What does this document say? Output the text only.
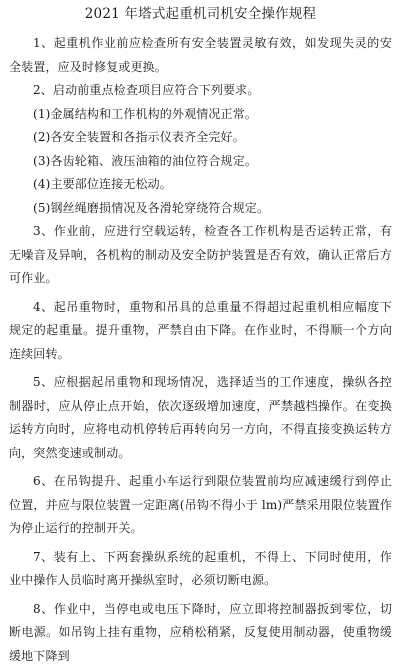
2021 年塔式起重机司机安全操作规程

1、起重机作业前应检查所有安全装置灵敏有效，如发现失灵的安全装置，应及时修复或更换。

2、启动前重点检查项目应符合下列要求。

(1)金属结构和工作机构的外观情况正常。

(2)各安全装置和各指示仪表齐全完好。

(3)各齿轮箱、液压油箱的油位符合规定。

(4)主要部位连接无松动。

(5)钢丝绳磨损情况及各滑轮穿绕符合规定。

3、作业前，应进行空载运转，检查各工作机构是否运转正常，有无噪音及异响，各机构的制动及安全防护装置是否有效，确认正常后方可作业。

4、起吊重物时，重物和吊具的总重量不得超过起重机相应幅度下规定的起重量。提升重物，严禁自由下降。在作业时，不得顺一个方向连续回转。

5、应根据起吊重物和现场情况，选择适当的工作速度，操纵各控制器时，应从停止点开始，依次逐级增加速度，严禁越档操作。在变换运转方向时，应将电动机停转后再转向另一方向，不得直接变换运转方向，突然变速或制动。

6、在吊钩提升、起重小车运行到限位装置前均应减速缓行到停止位置，并应与限位装置一定距离(吊钩不得小于 lm)严禁采用限位装置作为停止运行的控制开关。

7、装有上、下两套操纵系统的起重机，不得上、下同时使用，作业中操作人员临时离开操纵室时，必须切断电源。

8、作业中，当停电或电压下降时，应立即将控制器扳到零位，切断电源。如吊钩上挂有重物，应稍松稍紧，反复使用制动器，使重物缓缓地下降到
